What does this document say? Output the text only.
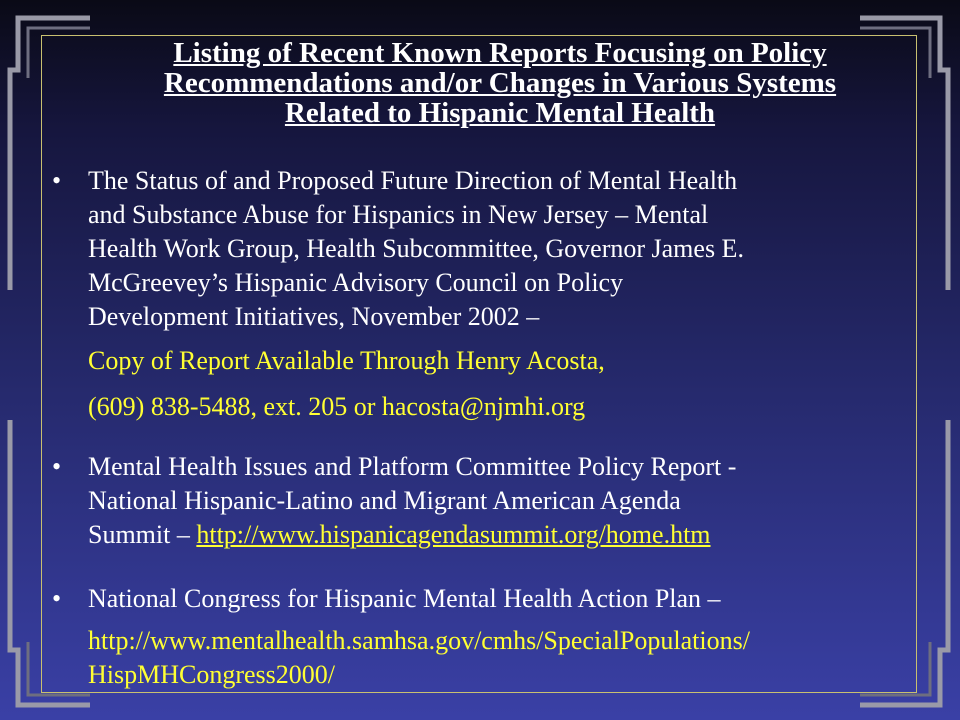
Listing of Recent Known Reports Focusing on Policy
Recommendations and/or Changes in Various Systems
Related to Hispanic Mental Health
• The Status of and Proposed Future Direction of Mental Health
and Substance Abuse for Hispanics in New Jersey – Mental
Health Work Group, Health Subcommittee, Governor James E.
McGreevey’s Hispanic Advisory Council on Policy
Development Initiatives, November 2002 –
Copy of Report Available Through Henry Acosta,
(609) 838-5488, ext. 205 or hacosta@njmhi.org
• Mental Health Issues and Platform Committee Policy Report -
National Hispanic-Latino and Migrant American Agenda
Summit – http://www.hispanicagendasummit.org/home.htm
• National Congress for Hispanic Mental Health Action Plan –
http://www.mentalhealth.samhsa.gov/cmhs/SpecialPopulations/
HispMHCongress2000/
